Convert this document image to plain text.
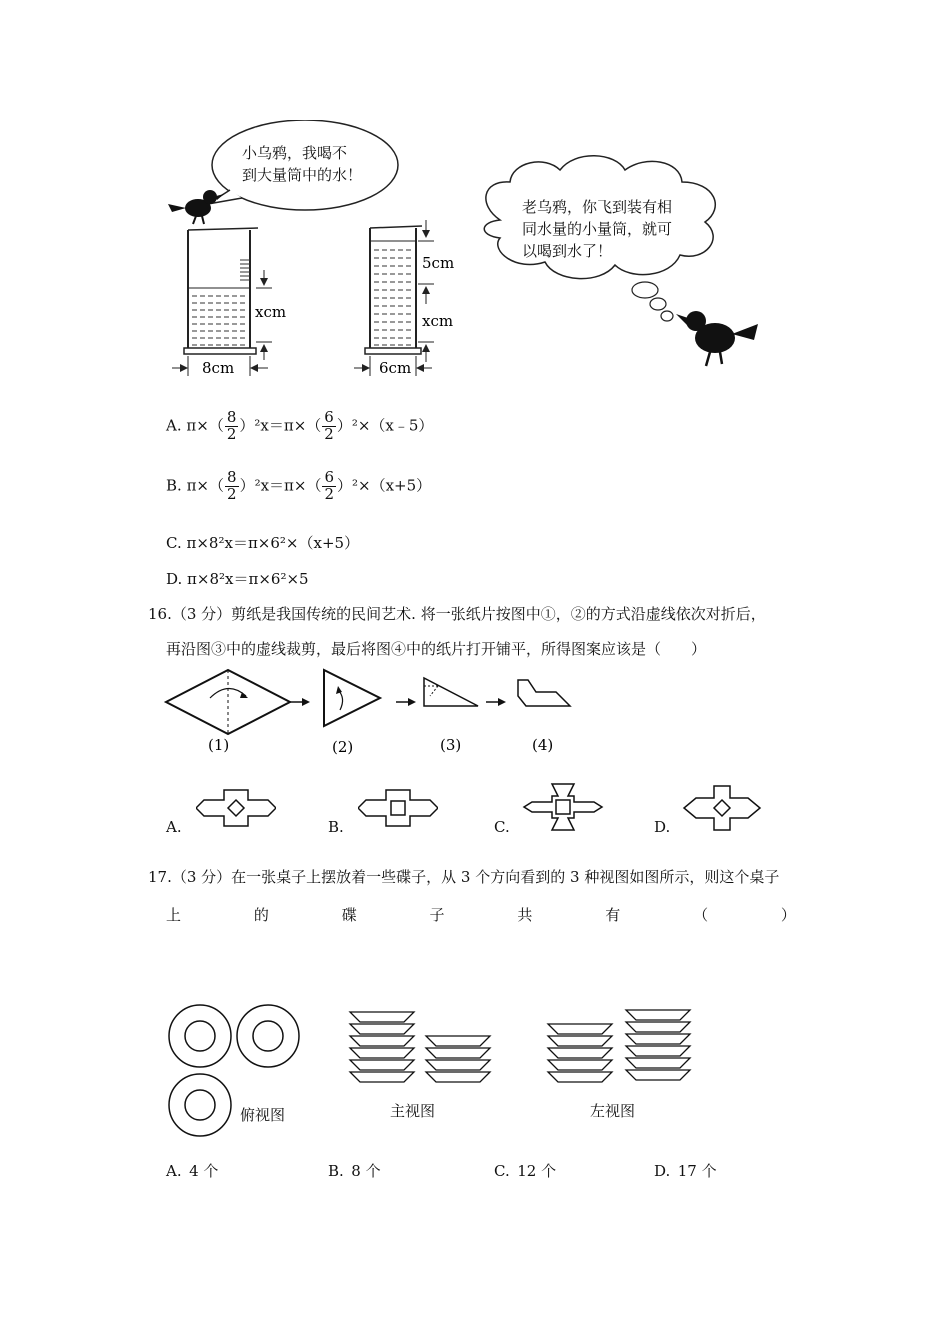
xcm
8cm
5cm
xcm
6cm
小乌鸦，我喝不
到大量筒中的水！
老乌鸦，你飞到装有相
同水量的小量筒，就可
以喝到水了！
A. $\pi\times( \frac{8}{2} )^2x=\pi\times( \frac{6}{2}$ ）²×（x﹣5）
B. $\pi\times( \frac{8}{2} )^2x=\pi\times( \frac{6}{2} )^2\times(x+5)$
C. π×8²x＝π×6²×（x+5）
D. π×8²x＝π×6²×5
16.（3 分）剪纸是我国传统的民间艺术. 将一张纸片按图中①，②的方式沿虚线依次对折后，
再沿图③中的虚线裁剪，最后将图④中的纸片打开铺平，所得图案应该是（　　）
(1)	(2)	(3)	(4)
A.	B.	C.	D.
17.（3 分）在一张桌子上摆放着一些碟子，从 3 个方向看到的 3 种视图如图所示，则这个桌子
上	的	碟	子	共	有	（	）
俯视图	主视图	左视图
A.  4 个	B.  8 个	C.  12 个	D.  17 个
